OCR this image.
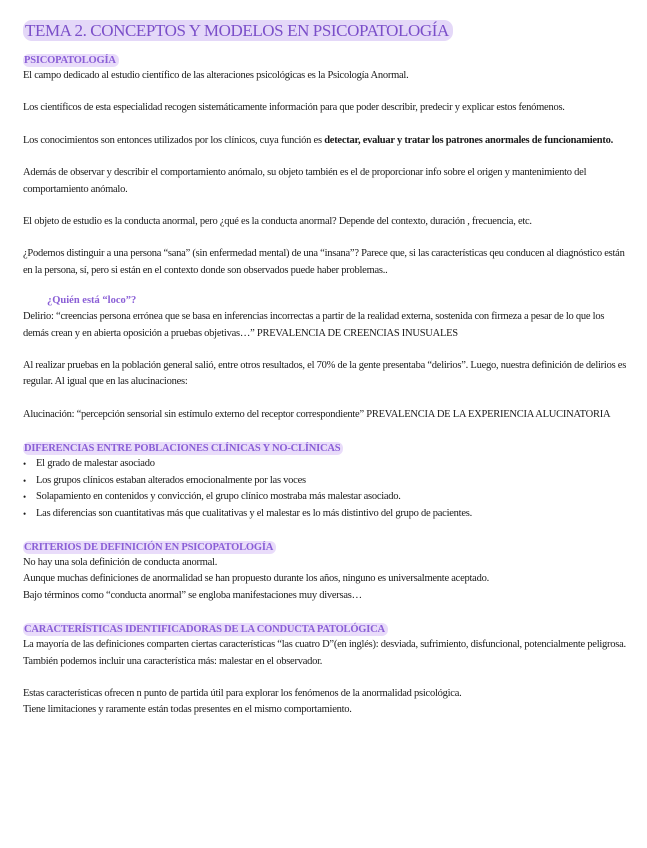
TEMA 2. CONCEPTOS Y MODELOS EN PSICOPATOLOGÍA
PSICOPATOLOGÍA
El campo dedicado al estudio científico de las alteraciones psicológicas es la Psicología Anormal.
Los científicos de esta especialidad recogen sistemáticamente información para que poder describir, predecir y explicar estos fenómenos.
Los conocimientos son entonces utilizados por los clínicos, cuya función es detectar, evaluar y tratar los patrones anormales de funcionamiento.
Además de observar y describir el comportamiento anómalo, su objeto también es el de proporcionar info sobre el origen y mantenimiento del comportamiento anómalo.
El objeto de estudio es la conducta anormal, pero ¿qué es la conducta anormal? Depende del contexto, duración , frecuencia, etc.
¿Podemos distinguir a una persona “sana” (sin enfermedad mental) de una “insana”? Parece que, si las características qeu conducen al diagnóstico están en la persona, sí, pero si están en el contexto donde son observados puede haber problemas..
¿Quién está “loco”?
Delirio: “creencias persona errónea que se basa en inferencias incorrectas a partir de la realidad externa, sostenida con firmeza a pesar de lo que los demás crean y en abierta oposición a pruebas objetivas…” PREVALENCIA DE CREENCIAS INUSUALES
Al realizar pruebas en la población general salió, entre otros resultados, el 70% de la gente presentaba “delirios”. Luego, nuestra definición de delirios es regular. Al igual que en las alucinaciones:
Alucinación: “percepción sensorial sin estímulo externo del receptor correspondiente” PREVALENCIA DE LA EXPERIENCIA ALUCINATORIA
DIFERENCIAS ENTRE POBLACIONES CLÍNICAS Y NO-CLÍNICAS
• El grado de malestar asociado
• Los grupos clínicos estaban alterados emocionalmente por las voces
• Solapamiento en contenidos y convicción, el grupo clínico mostraba más malestar asociado.
• Las diferencias son cuantitativas más que cualitativas y el malestar es lo más distintivo del grupo de pacientes.
CRITERIOS DE DEFINICIÓN EN PSICOPATOLOGÍA
No hay una sola definición de conducta anormal.
Aunque muchas definiciones de anormalidad se han propuesto durante los años, ninguno es universalmente aceptado.
Bajo términos como “conducta anormal” se engloba manifestaciones muy diversas…
CARACTERÍSTICAS IDENTIFICADORAS DE LA CONDUCTA PATOLÓGICA
La mayoría de las definiciones comparten ciertas características “las cuatro D”(en inglés): desviada, sufrimiento, disfuncional, potencialmente peligrosa.
También podemos incluir una característica más: malestar en el observador.
Estas características ofrecen n punto de partida útil para explorar los fenómenos de la anormalidad psicológica.
Tiene limitaciones y raramente están todas presentes en el mismo comportamiento.
